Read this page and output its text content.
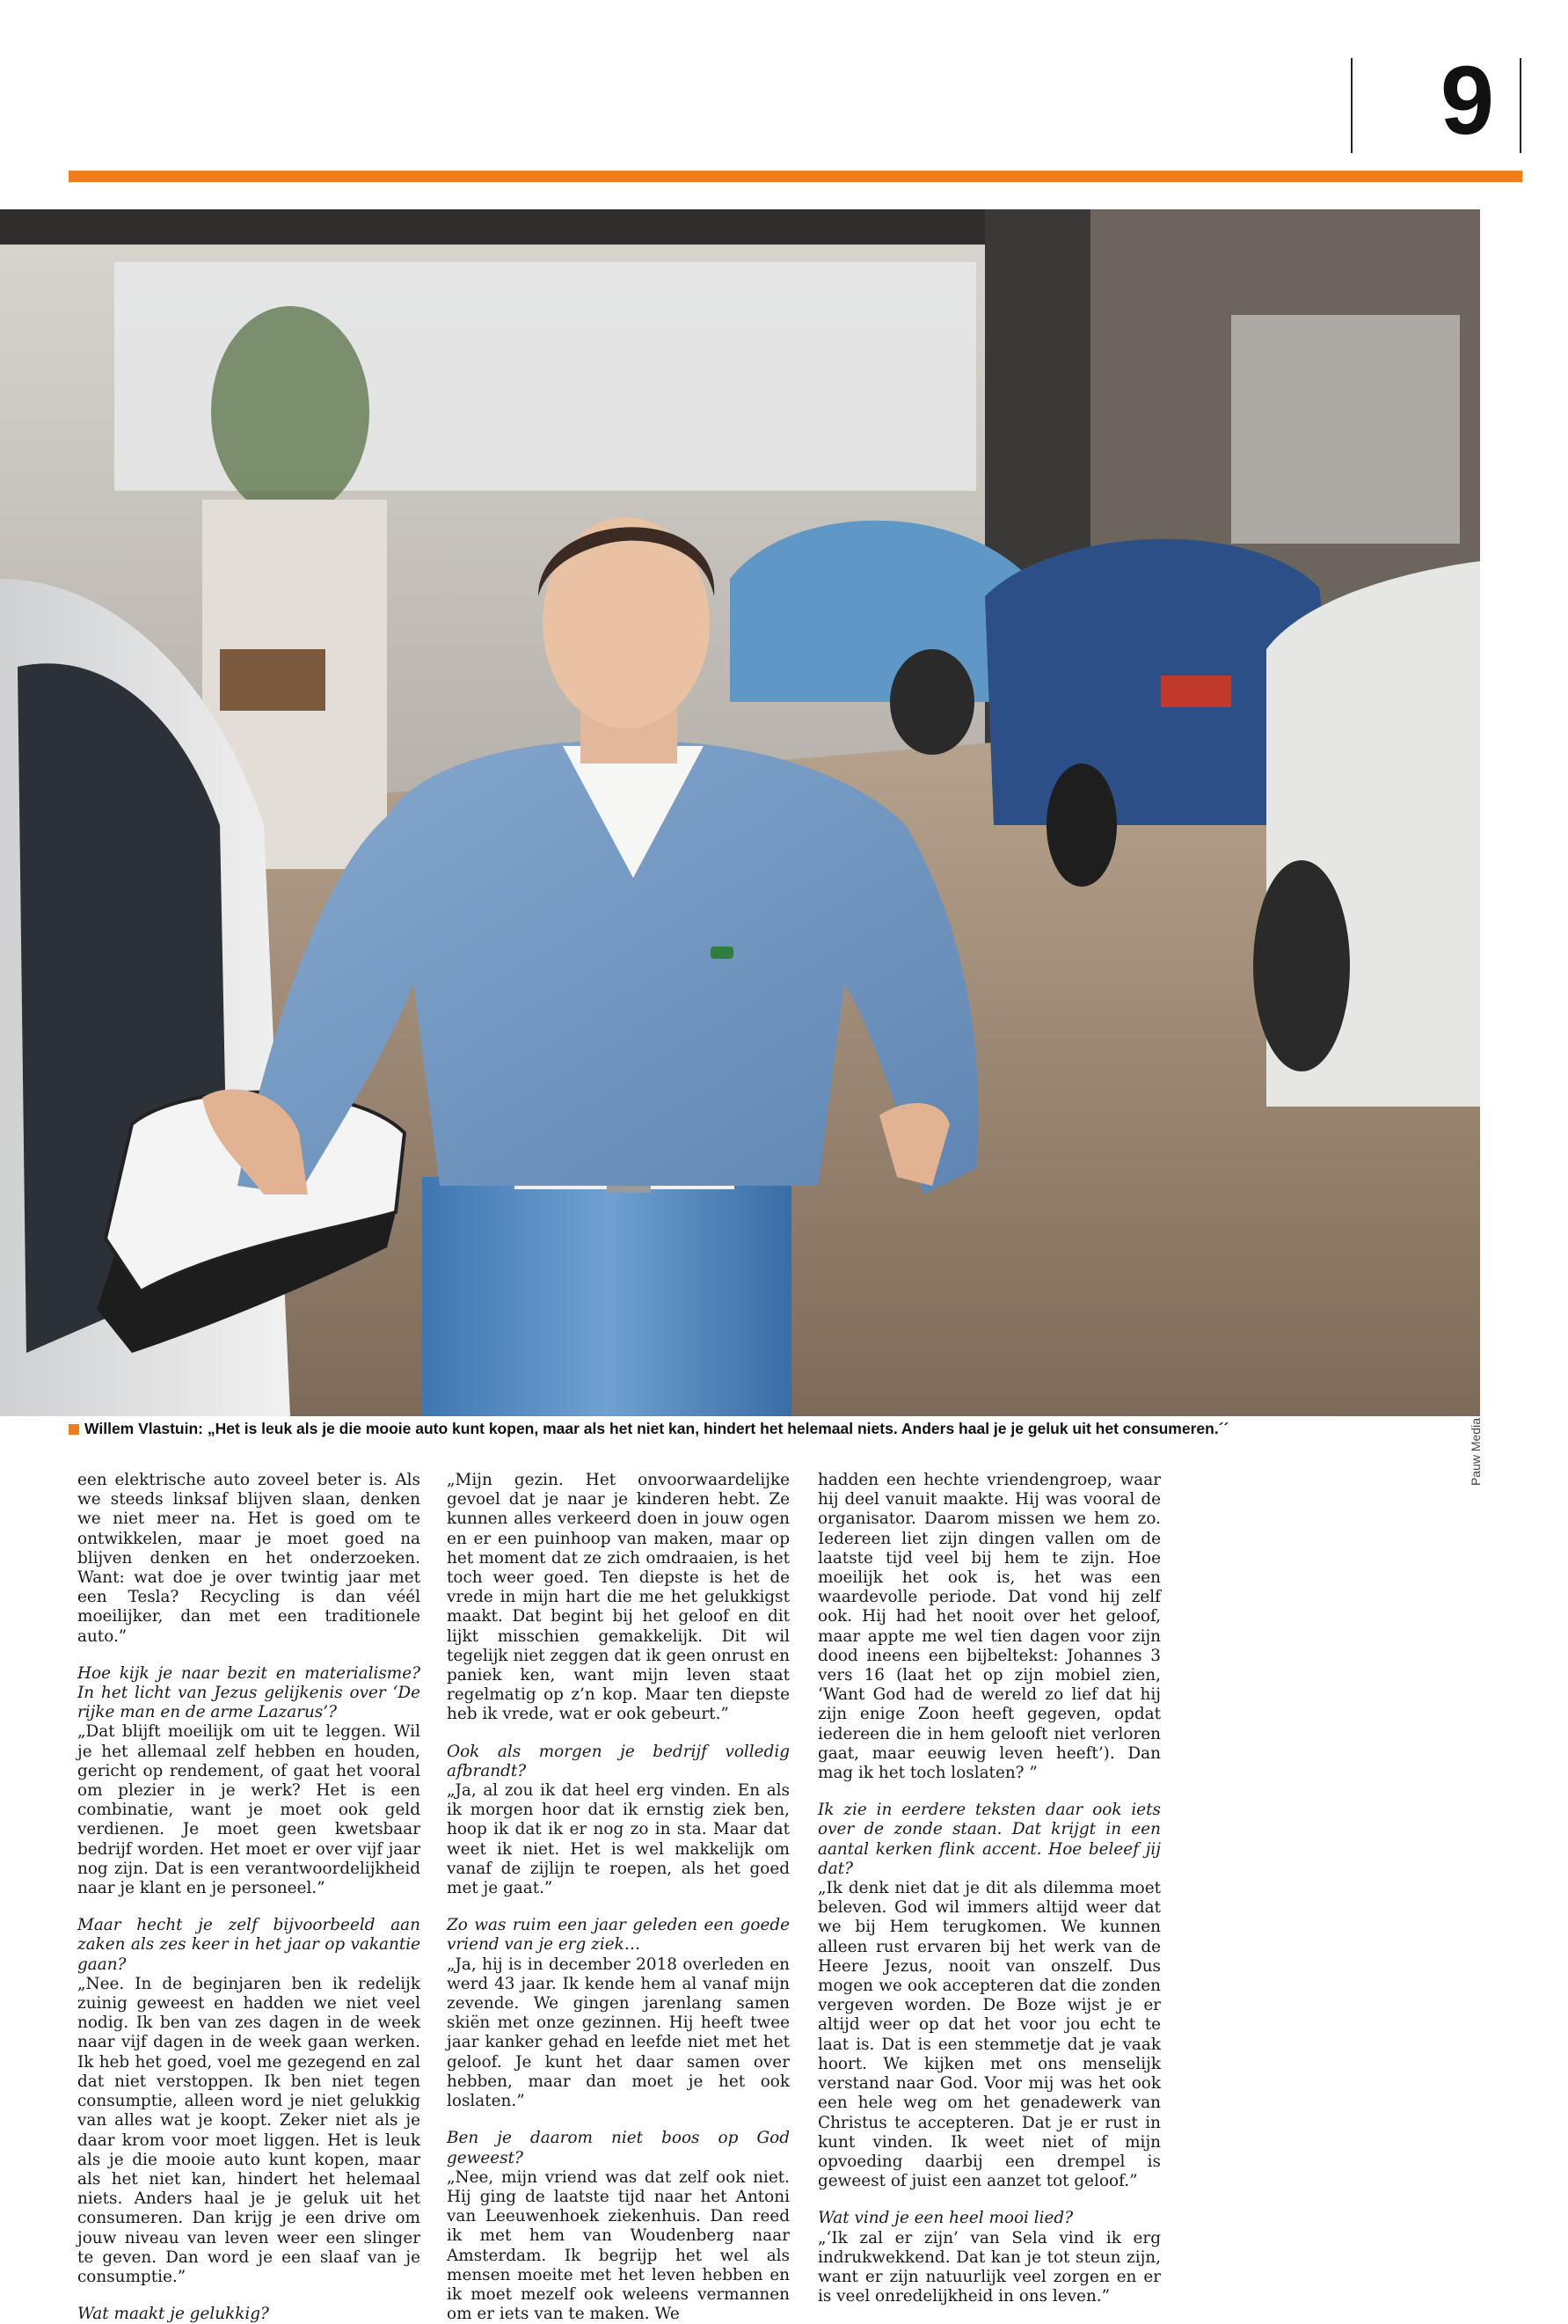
9
Pauw Media
Willem Vlastuin: „Het is leuk als je die mooie auto kunt kopen, maar als het niet kan, hindert het helemaal niets. Anders haal je je geluk uit het consumeren.´´

een elektrische auto zoveel beter is. Als we steeds linksaf blijven slaan, denken we niet meer na. Het is goed om te ontwikkelen, maar je moet goed na blijven denken en het onderzoeken. Want: wat doe je over twintig jaar met een Tesla? Recycling is dan véél moeilijker, dan met een traditionele auto.”

Hoe kijk je naar bezit en materialisme? In het licht van Jezus gelijkenis over ‘De rijke man en de arme Lazarus’?

„Dat blijft moeilijk om uit te leggen. Wil je het allemaal zelf hebben en houden, gericht op rendement, of gaat het vooral om plezier in je werk? Het is een combinatie, want je moet ook geld verdienen. Je moet geen kwetsbaar bedrijf worden. Het moet er over vijf jaar nog zijn. Dat is een verantwoordelijkheid naar je klant en je personeel.”

Maar hecht je zelf bijvoorbeeld aan zaken als zes keer in het jaar op vakantie gaan?

„Nee. In de beginjaren ben ik redelijk zuinig geweest en hadden we niet veel nodig. Ik ben van zes dagen in de week naar vijf dagen in de week gaan werken. Ik heb het goed, voel me gezegend en zal dat niet verstoppen. Ik ben niet tegen consumptie, alleen word je niet gelukkig van alles wat je koopt. Zeker niet als je daar krom voor moet liggen. Het is leuk als je die mooie auto kunt kopen, maar als het niet kan, hindert het helemaal niets. Anders haal je je geluk uit het consumeren. Dan krijg je een drive om jouw niveau van leven weer een slinger te geven. Dan word je een slaaf van je consumptie.”

Wat maakt je gelukkig?

„Mijn gezin. Het onvoorwaardelijke gevoel dat je naar je kinderen hebt. Ze kunnen alles verkeerd doen in jouw ogen en er een puinhoop van maken, maar op het moment dat ze zich omdraaien, is het toch weer goed. Ten diepste is het de vrede in mijn hart die me het gelukkigst maakt. Dat begint bij het geloof en dit lijkt misschien gemakkelijk. Dit wil tegelijk niet zeggen dat ik geen onrust en paniek ken, want mijn leven staat regelmatig op z’n kop. Maar ten diepste heb ik vrede, wat er ook gebeurt.”

Ook als morgen je bedrijf volledig afbrandt?

„Ja, al zou ik dat heel erg vinden. En als ik morgen hoor dat ik ernstig ziek ben, hoop ik dat ik er nog zo in sta. Maar dat weet ik niet. Het is wel makkelijk om vanaf de zijlijn te roepen, als het goed met je gaat.”

Zo was ruim een jaar geleden een goede vriend van je erg ziek…

„Ja, hij is in december 2018 overleden en werd 43 jaar. Ik kende hem al vanaf mijn zevende. We gingen jarenlang samen skiën met onze gezinnen. Hij heeft twee jaar kanker gehad en leefde niet met het geloof. Je kunt het daar samen over hebben, maar dan moet je het ook loslaten.”

Ben je daarom niet boos op God geweest?

„Nee, mijn vriend was dat zelf ook niet. Hij ging de laatste tijd naar het Antoni van Leeuwenhoek ziekenhuis. Dan reed ik met hem van Woudenberg naar Amsterdam. Ik begrijp het wel als mensen moeite met het leven hebben en ik moet mezelf ook weleens vermannen om er iets van te maken. We

hadden een hechte vriendengroep, waar hij deel vanuit maakte. Hij was vooral de organisator. Daarom missen we hem zo. Iedereen liet zijn dingen vallen om de laatste tijd veel bij hem te zijn. Hoe moeilijk het ook is, het was een waardevolle periode. Dat vond hij zelf ook. Hij had het nooit over het geloof, maar appte me wel tien dagen voor zijn dood ineens een bijbeltekst: Johannes 3 vers 16 (laat het op zijn mobiel zien, ‘Want God had de wereld zo lief dat hij zijn enige Zoon heeft gegeven, opdat iedereen die in hem gelooft niet verloren gaat, maar eeuwig leven heeft’). Dan mag ik het toch loslaten? ”

Ik zie in eerdere teksten daar ook iets over de zonde staan. Dat krijgt in een aantal kerken flink accent. Hoe beleef jij dat?

„Ik denk niet dat je dit als dilemma moet beleven. God wil immers altijd weer dat we bij Hem terugkomen. We kunnen alleen rust ervaren bij het werk van de Heere Jezus, nooit van onszelf. Dus mogen we ook accepteren dat die zonden vergeven worden. De Boze wijst je er altijd weer op dat het voor jou echt te laat is. Dat is een stemmetje dat je vaak hoort. We kijken met ons menselijk verstand naar God. Voor mij was het ook een hele weg om het genadewerk van Christus te accepteren. Dat je er rust in kunt vinden. Ik weet niet of mijn opvoeding daarbij een drempel is geweest of juist een aanzet tot geloof.”

Wat vind je een heel mooi lied?

„‘Ik zal er zijn’ van Sela vind ik erg indrukwekkend. Dat kan je tot steun zijn, want er zijn natuurlijk veel zorgen en er is veel onredelijkheid in ons leven.”
